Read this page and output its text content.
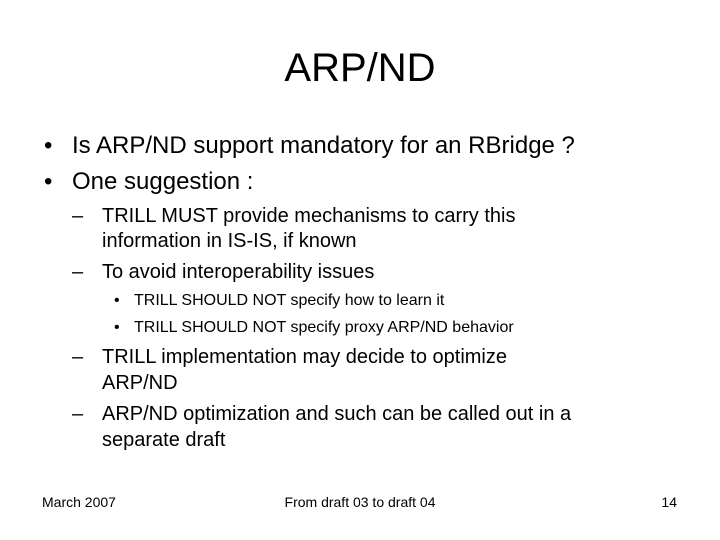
ARP/ND
• Is ARP/ND support mandatory for an RBridge ?
• One suggestion :
– TRILL MUST provide mechanisms to carry this
information in IS-IS, if known
– To avoid interoperability issues
• TRILL SHOULD NOT specify how to learn it
• TRILL SHOULD NOT specify proxy ARP/ND behavior
– TRILL implementation may decide to optimize
ARP/ND
– ARP/ND optimization and such can be called out in a
separate draft
March 2007	From draft 03 to draft 04	14
